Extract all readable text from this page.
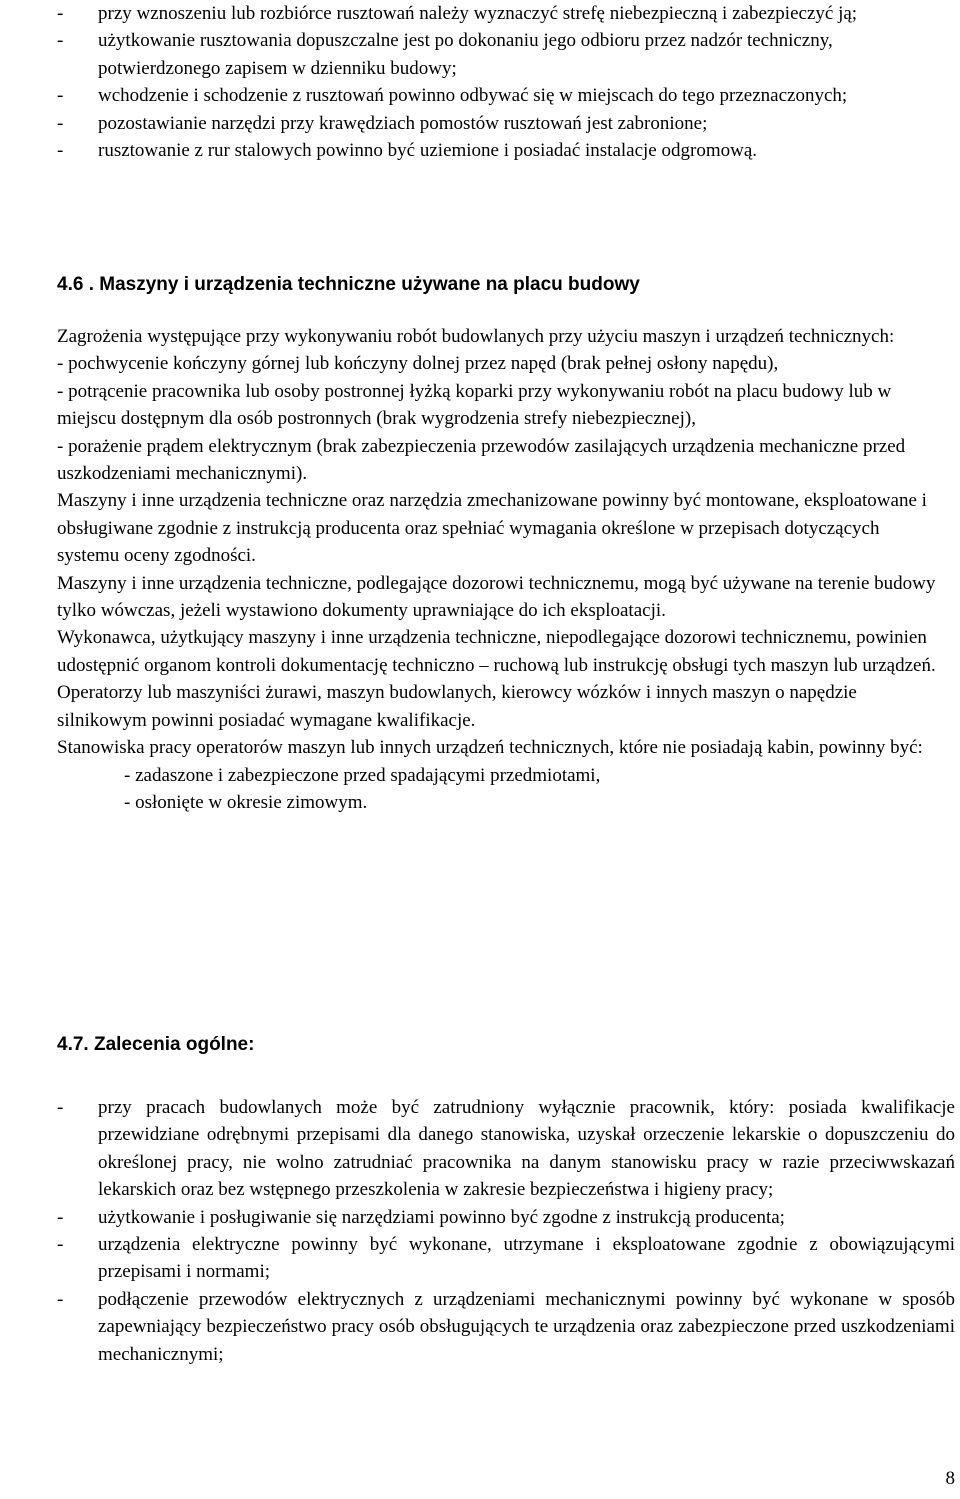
- przy wznoszeniu lub rozbiórce rusztowań należy wyznaczyć strefę niebezpieczną i zabezpieczyć ją;
- użytkowanie rusztowania dopuszczalne jest po dokonaniu jego odbioru przez nadzór techniczny, potwierdzonego zapisem w dzienniku budowy;
- wchodzenie i schodzenie z rusztowań powinno odbywać się w miejscach do tego przeznaczonych;
- pozostawianie narzędzi przy krawędziach pomostów rusztowań jest zabronione;
- rusztowanie z rur stalowych powinno być uziemione i posiadać instalacje odgromową.
4.6 . Maszyny i urządzenia techniczne używane na placu budowy

Zagrożenia występujące przy wykonywaniu robót budowlanych przy użyciu maszyn i urządzeń technicznych:

- pochwycenie kończyny górnej lub kończyny dolnej przez napęd (brak pełnej osłony napędu),

- potrącenie pracownika lub osoby postronnej łyżką koparki przy wykonywaniu robót na placu budowy lub w miejscu dostępnym dla osób postronnych (brak wygrodzenia strefy niebezpiecznej),

- porażenie prądem elektrycznym (brak zabezpieczenia przewodów zasilających urządzenia mechaniczne przed uszkodzeniami mechanicznymi).

Maszyny i inne urządzenia techniczne oraz narzędzia zmechanizowane powinny być montowane, eksploatowane i obsługiwane zgodnie z instrukcją producenta oraz spełniać wymagania określone w przepisach dotyczących systemu oceny zgodności.

Maszyny i inne urządzenia techniczne, podlegające dozorowi technicznemu, mogą być używane na terenie budowy tylko wówczas, jeżeli wystawiono dokumenty uprawniające do ich eksploatacji.

Wykonawca, użytkujący maszyny i inne urządzenia techniczne, niepodlegające dozorowi technicznemu, powinien udostępnić organom kontroli dokumentację techniczno – ruchową lub instrukcję obsługi tych maszyn lub urządzeń.

Operatorzy lub maszyniści żurawi, maszyn budowlanych, kierowcy wózków i innych maszyn o napędzie silnikowym powinni posiadać wymagane kwalifikacje.

Stanowiska pracy operatorów maszyn lub innych urządzeń technicznych, które nie posiadają kabin, powinny być:

- zadaszone i zabezpieczone przed spadającymi przedmiotami,

- osłonięte w okresie zimowym.

4.7. Zalecenia ogólne:
- przy pracach budowlanych może być zatrudniony wyłącznie pracownik, który: posiada kwalifikacje przewidziane odrębnymi przepisami dla danego stanowiska, uzyskał orzeczenie lekarskie o dopuszczeniu do określonej pracy, nie wolno zatrudniać pracownika na danym stanowisku pracy w razie przeciwwskazań lekarskich oraz bez wstępnego przeszkolenia w zakresie bezpieczeństwa i higieny pracy;
- użytkowanie i posługiwanie się narzędziami powinno być zgodne z instrukcją producenta;
- urządzenia elektryczne powinny być wykonane, utrzymane i eksploatowane zgodnie z obowiązującymi przepisami i normami;
- podłączenie przewodów elektrycznych z urządzeniami mechanicznymi powinny być wykonane w sposób zapewniający bezpieczeństwo pracy osób obsługujących te urządzenia oraz zabezpieczone przed uszkodzeniami mechanicznymi;
8
